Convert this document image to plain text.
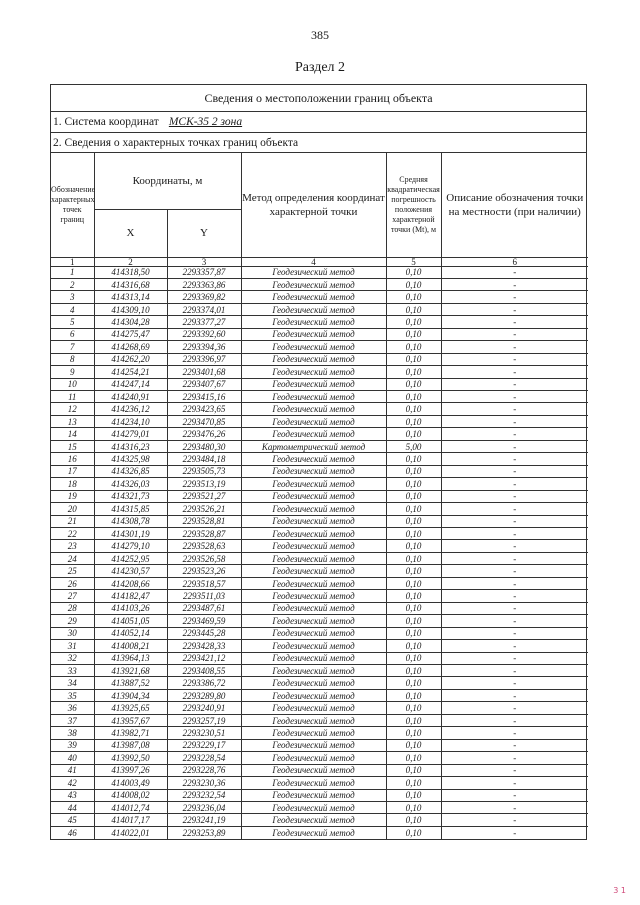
385
Раздел 2
Сведения о местоположении границ объекта
1. Система координат МСК-35 2 зона
2. Сведения о характерных точках границ объекта
Обозначение характерных точек границ	Координаты, м		Метод определения координат характерной точки	Средняя квадратическая погрешность положения характерной точки (Mt), м	Описание обозначения точки на местности (при наличии)
	X	Y			
1	2	3	4	5	6
1	414318,50	2293357,87	Геодезический метод	0,10	-
2	414316,68	2293363,86	Геодезический метод	0,10	-
3	414313,14	2293369,82	Геодезический метод	0,10	-
4	414309,10	2293374,01	Геодезический метод	0,10	-
5	414304,28	2293377,27	Геодезический метод	0,10	-
6	414275,47	2293392,60	Геодезический метод	0,10	-
7	414268,69	2293394,36	Геодезический метод	0,10	-
8	414262,20	2293396,97	Геодезический метод	0,10	-
9	414254,21	2293401,68	Геодезический метод	0,10	-
10	414247,14	2293407,67	Геодезический метод	0,10	-
11	414240,91	2293415,16	Геодезический метод	0,10	-
12	414236,12	2293423,65	Геодезический метод	0,10	-
13	414234,10	2293470,85	Геодезический метод	0,10	-
14	414279,01	2293476,26	Геодезический метод	0,10	-
15	414316,23	2293480,30	Картометрический метод	5,00	-
16	414325,98	2293484,18	Геодезический метод	0,10	-
17	414326,85	2293505,73	Геодезический метод	0,10	-
18	414326,03	2293513,19	Геодезический метод	0,10	-
19	414321,73	2293521,27	Геодезический метод	0,10	-
20	414315,85	2293526,21	Геодезический метод	0,10	-
21	414308,78	2293528,81	Геодезический метод	0,10	-
22	414301,19	2293528,87	Геодезический метод	0,10	-
23	414279,10	2293528,63	Геодезический метод	0,10	-
24	414252,95	2293526,58	Геодезический метод	0,10	-
25	414230,57	2293523,26	Геодезический метод	0,10	-
26	414208,66	2293518,57	Геодезический метод	0,10	-
27	414182,47	2293511,03	Геодезический метод	0,10	-
28	414103,26	2293487,61	Геодезический метод	0,10	-
29	414051,05	2293469,59	Геодезический метод	0,10	-
30	414052,14	2293445,28	Геодезический метод	0,10	-
31	414008,21	2293428,33	Геодезический метод	0,10	-
32	413964,13	2293421,12	Геодезический метод	0,10	-
33	413921,68	2293408,55	Геодезический метод	0,10	-
34	413887,52	2293386,72	Геодезический метод	0,10	-
35	413904,34	2293289,80	Геодезический метод	0,10	-
36	413925,65	2293240,91	Геодезический метод	0,10	-
37	413957,67	2293257,19	Геодезический метод	0,10	-
38	413982,71	2293230,51	Геодезический метод	0,10	-
39	413987,08	2293229,17	Геодезический метод	0,10	-
40	413992,50	2293228,54	Геодезический метод	0,10	-
41	413997,26	2293228,76	Геодезический метод	0,10	-
42	414003,49	2293230,36	Геодезический метод	0,10	-
43	414008,02	2293232,54	Геодезический метод	0,10	-
44	414012,74	2293236,04	Геодезический метод	0,10	-
45	414017,17	2293241,19	Геодезический метод	0,10	-
46	414022,01	2293253,89	Геодезический метод	0,10	-
3 1
